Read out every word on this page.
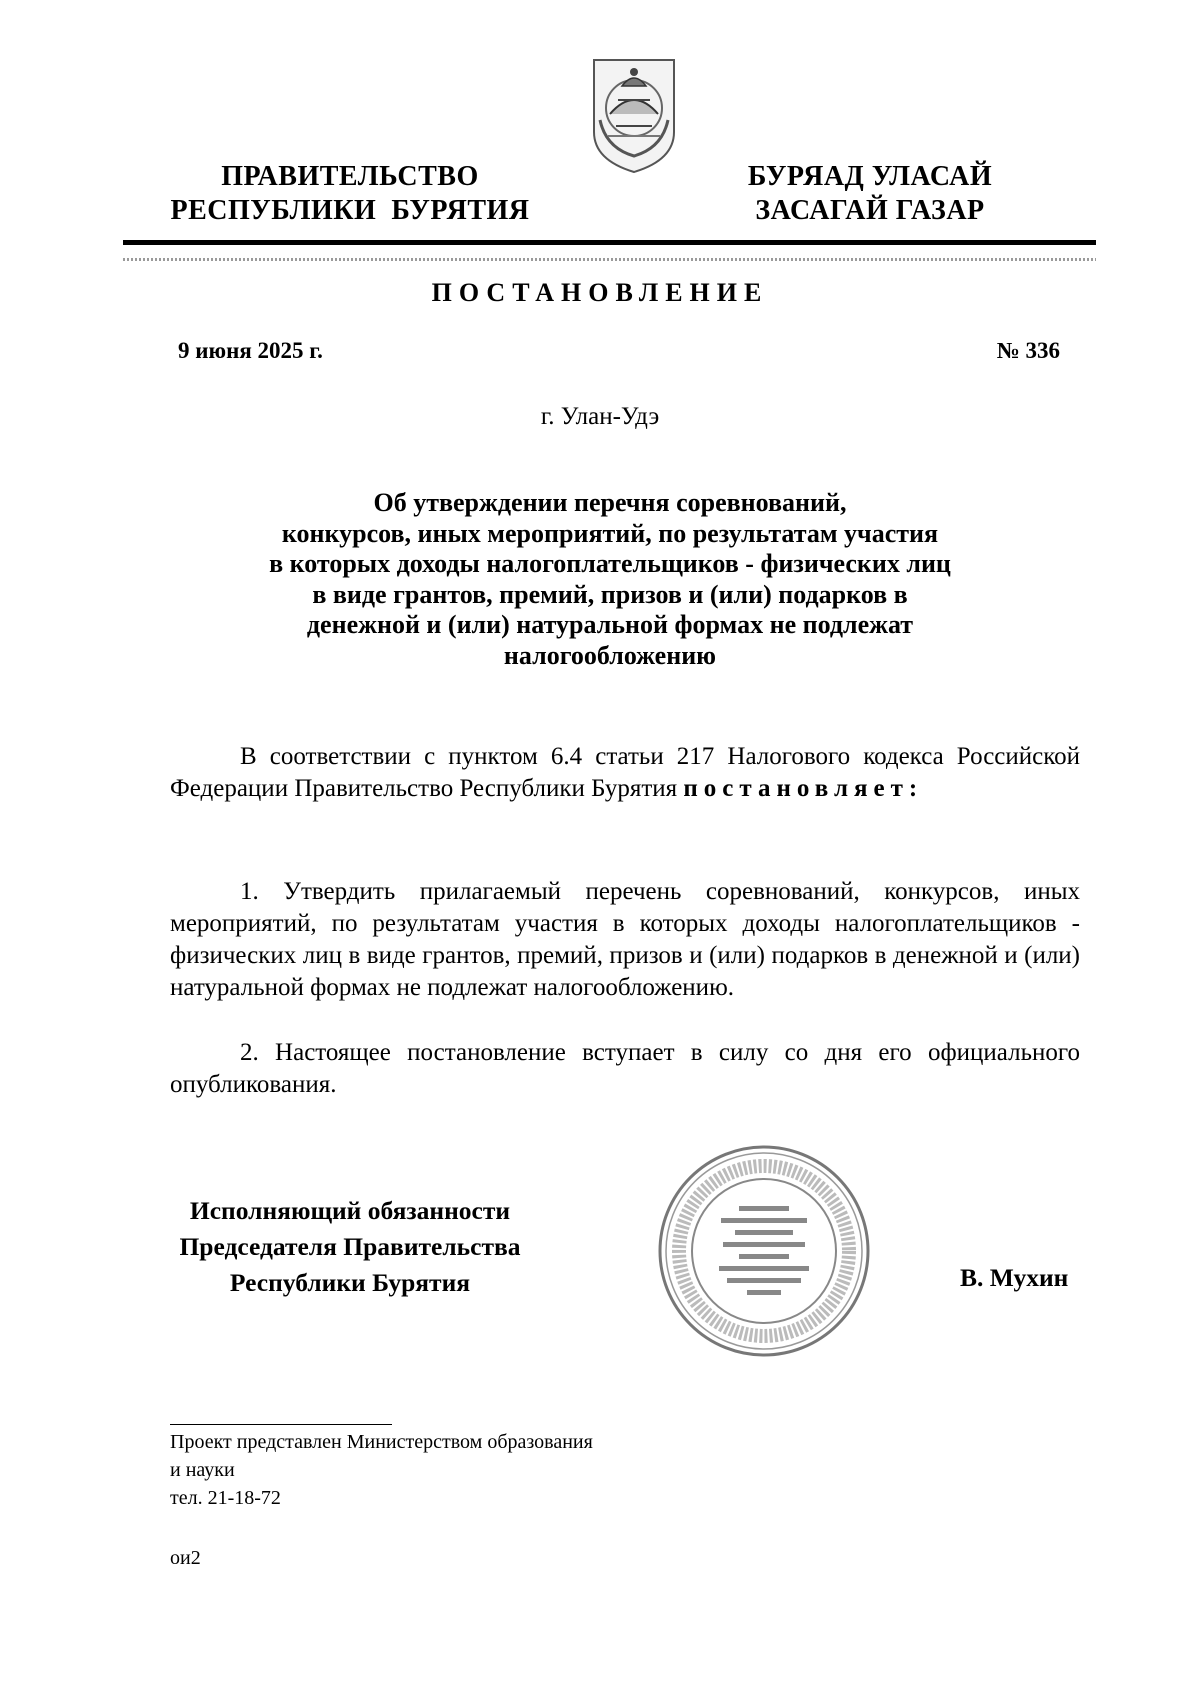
ПРАВИТЕЛЬСТВО
РЕСПУБЛИКИ  БУРЯТИЯ
БУРЯАД УЛАСАЙ
ЗАСАГАЙ ГАЗАР
ПОСТАНОВЛЕНИЕ
9 июня 2025 г.	№ 336
г. Улан-Удэ
Об утверждении перечня соревнований,
конкурсов, иных мероприятий, по результатам участия
в которых доходы налогоплательщиков - физических лиц
в виде грантов, премий, призов и (или) подарков в
денежной и (или) натуральной формах не подлежат
налогообложению
В соответствии с пунктом 6.4 статьи 217 Налогового кодекса Российской Федерации Правительство Республики Бурятия постановляет:
1. Утвердить прилагаемый перечень соревнований, конкурсов, иных мероприятий, по результатам участия в которых доходы налогоплательщиков - физических лиц в виде грантов, премий, призов и (или) подарков в денежной и (или) натуральной формах не подлежат налогообложению.
2. Настоящее постановление вступает в силу со дня его официального опубликования.
Исполняющий обязанности
Председателя Правительства
Республики Бурятия	В. Мухин
Проект представлен Министерством образования
и науки
тел. 21-18-72
ои2
